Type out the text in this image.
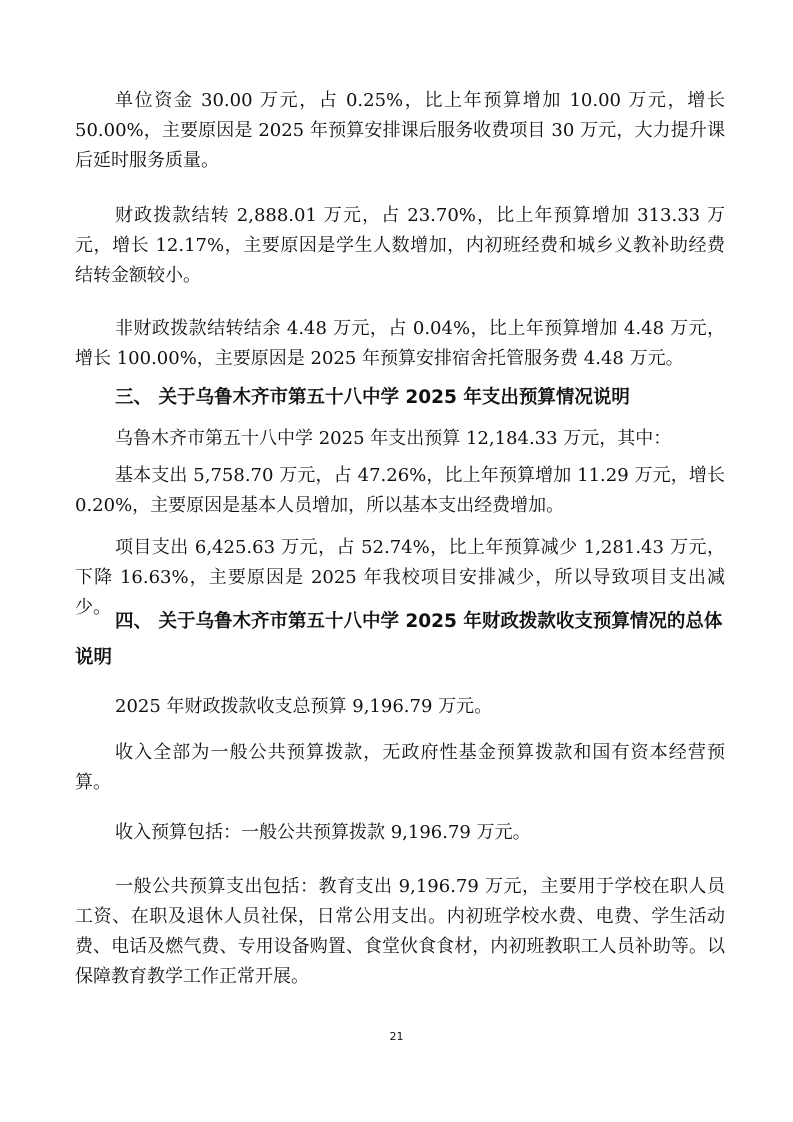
单位资金 30.00 万元，占 0.25%，比上年预算增加 10.00 万元，增长 50.00%，主要原因是 2025 年预算安排课后服务收费项目 30 万元，大力提升课后延时服务质量。

财政拨款结转 2,888.01 万元，占 23.70%，比上年预算增加 313.33 万元，增长 12.17%，主要原因是学生人数增加，内初班经费和城乡义教补助经费结转金额较小。

非财政拨款结转结余 4.48 万元，占 0.04%，比上年预算增加 4.48 万元，增长 100.00%，主要原因是 2025 年预算安排宿舍托管服务费 4.48 万元。

三、 关于乌鲁木齐市第五十八中学 2025 年支出预算情况说明

乌鲁木齐市第五十八中学 2025 年支出预算 12,184.33 万元，其中：

基本支出 5,758.70 万元，占 47.26%，比上年预算增加 11.29 万元，增长 0.20%，主要原因是基本人员增加，所以基本支出经费增加。

项目支出 6,425.63 万元，占 52.74%，比上年预算减少 1,281.43 万元，下降 16.63%，主要原因是 2025 年我校项目安排减少，所以导致项目支出减少。

四、 关于乌鲁木齐市第五十八中学 2025 年财政拨款收支预算情况的总体说明

2025 年财政拨款收支总预算 9,196.79 万元。

收入全部为一般公共预算拨款，无政府性基金预算拨款和国有资本经营预算。

收入预算包括：一般公共预算拨款 9,196.79 万元。

一般公共预算支出包括：教育支出 9,196.79 万元，主要用于学校在职人员工资、在职及退休人员社保，日常公用支出。内初班学校水费、电费、学生活动费、电话及燃气费、专用设备购置、食堂伙食食材，内初班教职工人员补助等。以保障教育教学工作正常开展。

21
